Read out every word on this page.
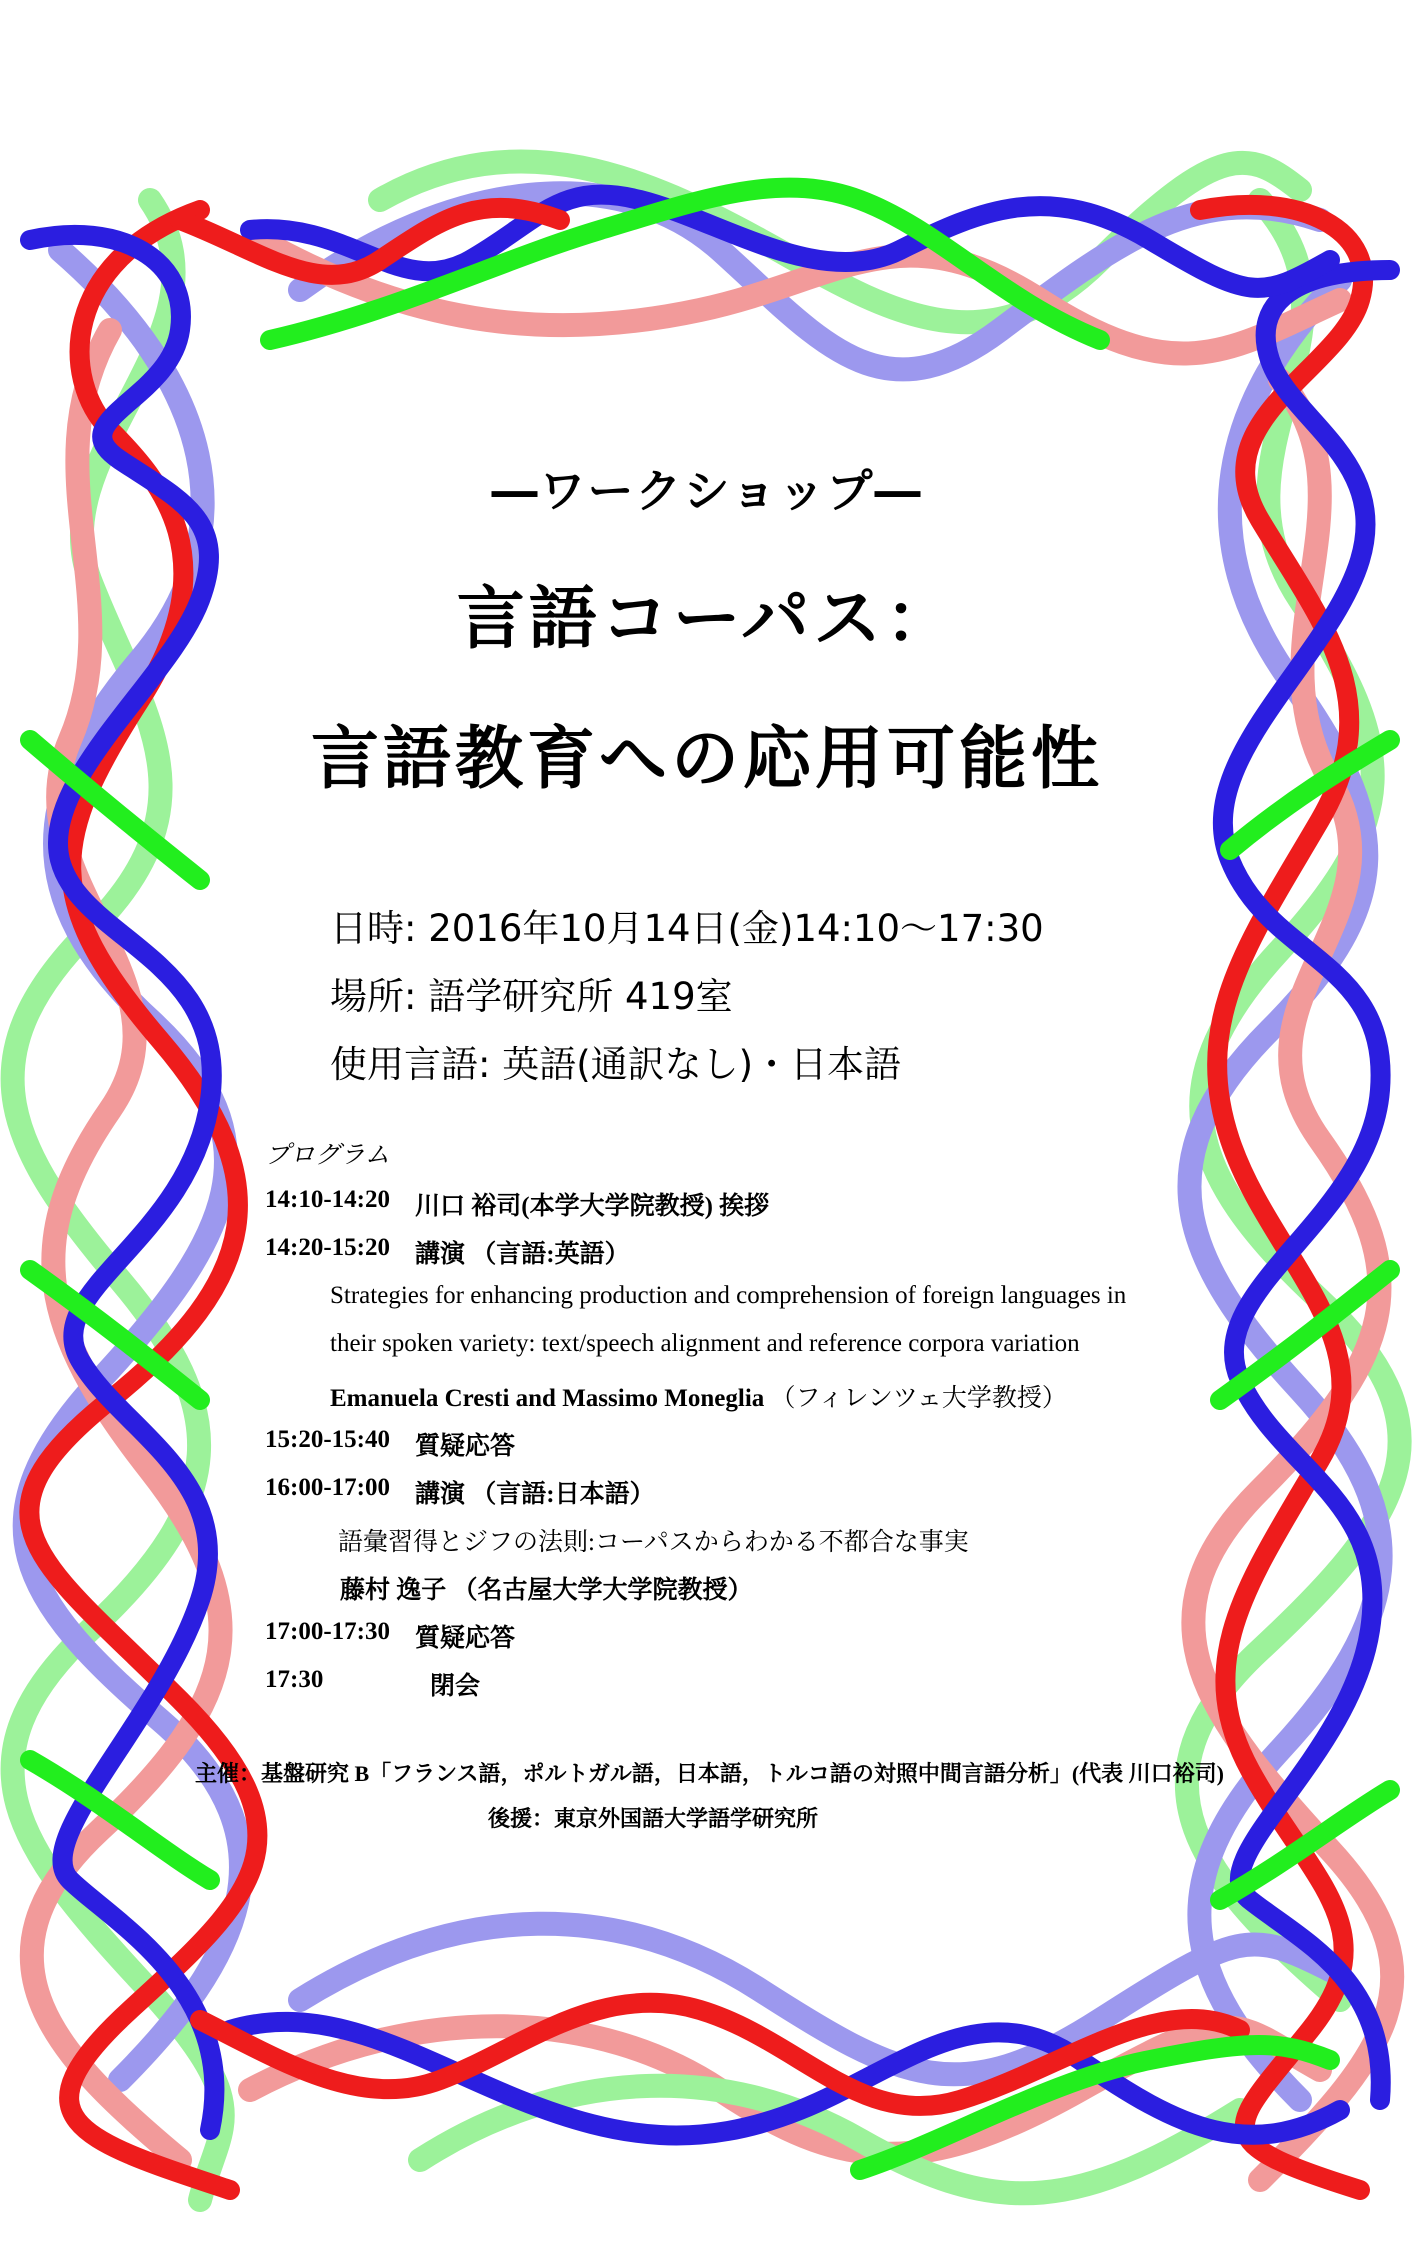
―ワークショップ―
言語コーパス：
言語教育への応用可能性
日時: 2016年10月14日(金)14:10～17:30
場所: 語学研究所 419室
使用言語: 英語(通訳なし)・日本語
プログラム
14:10-14:20 川口 裕司(本学大学院教授) 挨拶
14:20-15:20 講演 （言語:英語）
Strategies for enhancing production and comprehension of foreign languages in
their spoken variety: text/speech alignment and reference corpora variation
Emanuela Cresti and Massimo Moneglia （フィレンツェ大学教授）
15:20-15:40 質疑応答
16:00-17:00 講演 （言語:日本語）
語彙習得とジフの法則:コーパスからわかる不都合な事実
藤村 逸子 （名古屋大学大学院教授）
17:00-17:30 質疑応答
17:30	閉会
主催：基盤研究 B「フランス語，ポルトガル語，日本語，トルコ語の対照中間言語分析」(代表 川口裕司)
後援：東京外国語大学語学研究所
